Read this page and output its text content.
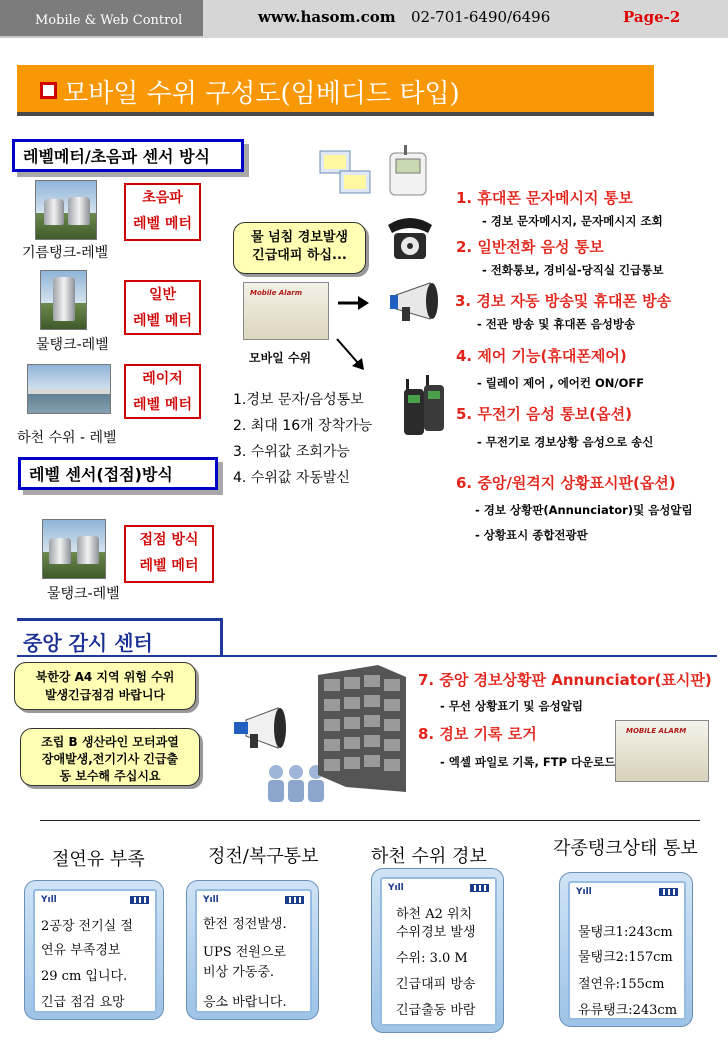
Mobile & Web Control	www.hasom.com 02-701-6490/6496	Page-2
모바일 수위 구성도(임베디드 타입)
레벨메터/초음파 센서 방식
기름탱크-레벨
초음파
레벨 메터
물탱크-레벨
일반
레벨 메터
하천 수위 - 레벨
레이저
레벨 메터
레벨 센서(접점)방식
물탱크-레벨
접점 방식
레벨 메터
물 넘침 경보발생
긴급대피 하십...
Mobile Alarm
모바일 수위
1.경보 문자/음성통보
2. 최대 16개 장착가능
3. 수위값 조회가능
4. 수위값 자동발신
1. 휴대폰 문자메시지 통보
- 경보 문자메시지, 문자메시지 조회
2. 일반전화 음성 통보
- 전화통보, 경비실-당직실 긴급통보
3. 경보 자동 방송및 휴대폰 방송
- 전관 방송 및 휴대폰 음성방송
4. 제어 기능(휴대폰제어)
- 릴레이 제어 , 에어컨 ON/OFF
5. 무전기 음성 통보(옵션)
- 무전기로 경보상황 음성으로 송신
6. 중앙/원격지 상황표시판(옵션)
- 경보 상황판(Annunciator)및 음성알림
- 상황표시 종합전광판
중앙 감시 센터
북한강 A4 지역 위험 수위
발생긴급점검 바랍니다
조립 B 생산라인 모터과열
장애발생,전기기사 긴급출
동 보수해 주십시요
7. 중앙 경보상황판 Annunciator(표시판)
- 무선 상황표기 및 음성알림
8. 경보 기록 로거
- 엑셀 파일로 기록, FTP 다운로드
MOBILE ALARM
절연유 부족	정전/복구통보	하천 수위 경보	각종탱크상태 통보
Yıll
2공장 전기실 절
연유 부족경보
29 cm 입니다.
긴급 점검 요망
Yıll
한전 정전발생.
UPS 전원으로
비상 가동중.
응소 바랍니다.
Yıll
하천 A2 위치
수위경보 발생
수위: 3.0 M
긴급대피 방송
긴급출동 바람
Yıll
물탱크1:243cm
물탱크2:157cm
절연유:155cm
유류탱크:243cm
